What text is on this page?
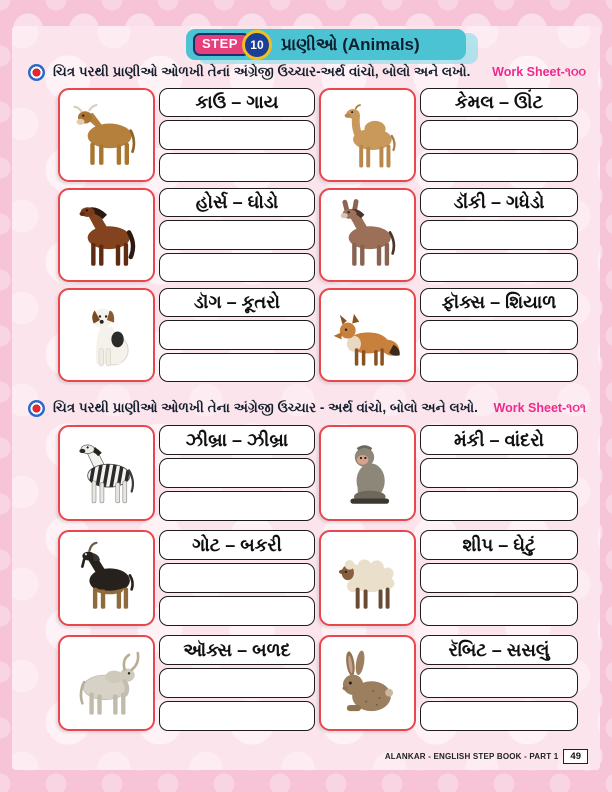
STEP	10	પ્રાણીઓ (Animals)
ચિત્ર પરથી પ્રાણીઓ ઓળખી તેનાં અંગ્રેજી ઉચ્ચાર-અર્થ વાંચો, બોલો અને લખો. Work Sheet-૧૦૦
કાઉ – ગાય	કેમલ – ઊંટ
હોર્સ – ઘોડો	ડૉંકી – ગધેડો
ડૉગ – કૂતરો	ફૉક્સ – શિયાળ
ચિત્ર પરથી પ્રાણીઓ ઓળખી તેના અંગ્રેજી ઉચ્ચાર - અર્થ વાંચો, બોલો અને લખો. Work Sheet-૧૦૧
ઝીબ્રા – ઝીબ્રા	મંકી – વાંદરો
ગોટ – બકરી	શીપ – ઘેટું
ઑક્સ – બળદ	રૅબિટ – સસલું
ALANKAR - ENGLISH STEP BOOK - PART 1	49
